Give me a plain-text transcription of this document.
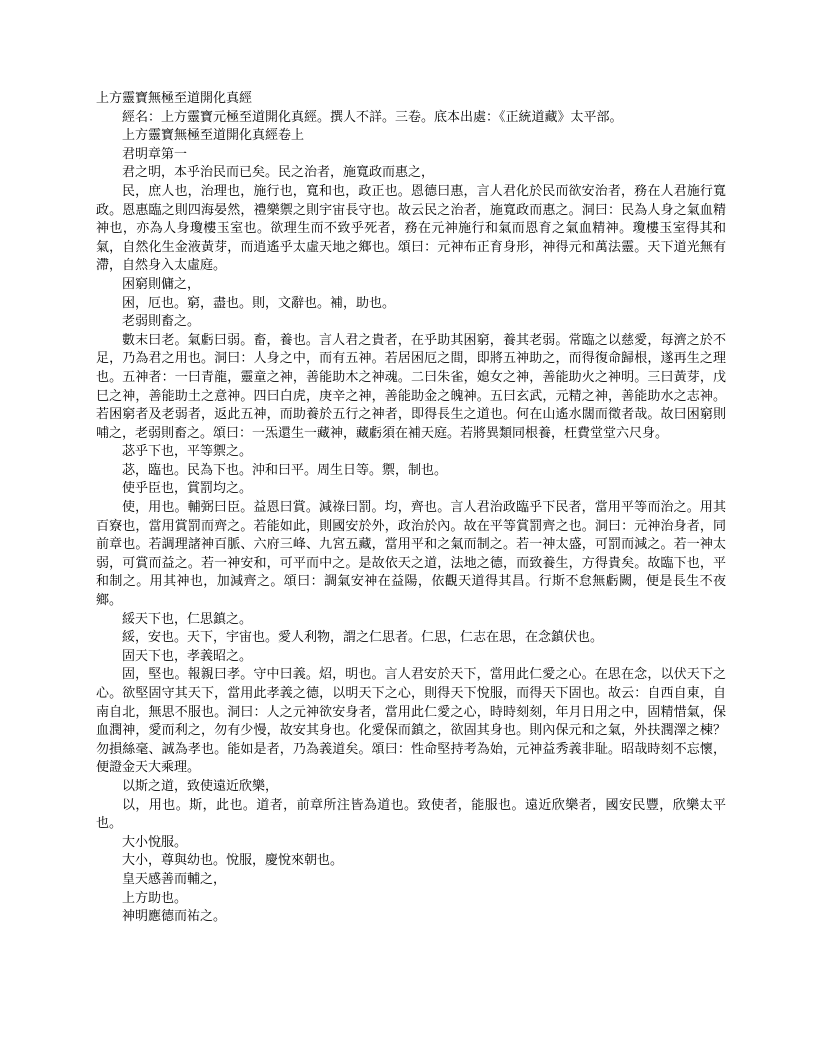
上方靈寶無極至道開化真經

經名：上方靈寶元極至道開化真經。撰人不詳。三卷。底本出處：《正統道藏》太平部。

上方靈寶無極至道開化真經卷上

君明章第一

君之明，本乎治民而已矣。民之治者，施寬政而惠之，

民，庶人也，治理也，施行也，寬和也，政正也。恩德曰惠，言人君化於民而欲安治者，務在人君施行寬政。恩惠臨之則四海晏然，禮樂禦之則宇宙長守也。故云民之治者，施寬政而惠之。洞曰：民為人身之氣血精神也，亦為人身瓊樓玉室也。欲理生而不致乎死者，務在元神施行和氣而恩育之氣血精神。瓊樓玉室得其和氣，自然化生金液黃芽，而逍遙乎太虛天地之鄉也。頌曰：元神布正育身形，神得元和萬法靈。天下道光無有滯，自然身入太虛庭。

困窮則傭之，

困，厄也。窮，盡也。則，文辭也。補，助也。

老弱則畜之。

數末曰老。氣虧曰弱。畜，養也。言人君之貴者，在乎助其困窮，養其老弱。常臨之以慈愛，每濟之於不足，乃為君之用也。洞曰：人身之中，而有五神。若居困厄之間，即將五神助之，而得復命歸根，遂再生之理也。五神者：一曰青龍，靈童之神，善能助木之神魂。二曰朱雀，媳女之神，善能助火之神明。三曰黃芽，戊巳之神，善能助土之意神。四曰白虎，庚辛之神，善能助金之魄神。五曰玄武，元精之神，善能助水之志神。若困窮者及老弱者，返此五神，而助養於五行之神者，即得長生之道也。何在山遙水闊而徵者哉。故曰困窮則哺之，老弱則畜之。頌曰：一炁還生一藏神，藏虧須在補天庭。若將異類同根養，枉費堂堂六尺身。

苾乎下也，平等禦之。

苾，臨也。民為下也。沖和曰平。周生日等。禦，制也。

使乎臣也，賞罰均之。

使，用也。輔弼曰臣。益恩曰賞。減祿曰罰。均，齊也。言人君治政臨乎下民者，當用平等而治之。用其百寮也，當用賞罰而齊之。若能如此，則國安於外，政治於內。故在平等賞罰齊之也。洞曰：元神治身者，同前章也。若調理諸神百脈、六府三峰、九宮五藏，當用平和之氣而制之。若一神太盛，可罰而減之。若一神太弱，可賞而益之。若一神安和，可平而中之。是故依天之道，法地之德，而致養生，方得貴矣。故臨下也，平和制之。用其神也，加減齊之。頌曰：調氣安神在益陽，依觀天道得其昌。行斯不怠無虧闕，便是長生不夜鄉。

綏天下也，仁思鎮之。

綏，安也。天下，宇宙也。愛人利物，謂之仁思者。仁思，仁志在思，在念鎮伏也。

固天下也，孝義昭之。

固，堅也。報親曰孝。守中曰義。炤，明也。言人君安於天下，當用此仁愛之心。在思在念，以伏天下之心。欲堅固守其天下，當用此孝義之德，以明天下之心，則得天下悅服，而得天下固也。故云：自西自東，自南自北，無思不服也。洞曰：人之元神欲安身者，當用此仁愛之心，時時刻刻，年月日用之中，固精惜氣，保血潤神，愛而利之，勿有少慢，故安其身也。化愛保而鎮之，欲固其身也。則內保元和之氣，外扶潤澤之棟？勿損絲毫、誠為孝也。能如是者，乃為義道矣。頌曰：性命堅持考為始，元神益秀義非耻。昭哉時刻不忘懷，便證金天大乘理。

以斯之道，致使遠近欣樂，

以，用也。斯，此也。道者，前章所注皆為道也。致使者，能服也。遠近欣樂者，國安民豐，欣樂太平也。

大小悅服。

大小，尊與幼也。悅服，慶悅來朝也。

皇天感善而輔之，

上方助也。

神明應德而祐之。
